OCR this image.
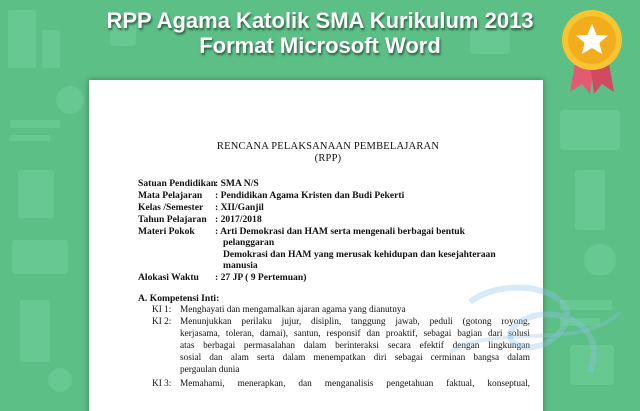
RPP Agama Katolik SMA Kurikulum 2013
Format Microsoft Word
RENCANA PELAKSANAAN PEMBELAJARAN
(RPP)
Satuan Pendidikan
: SMA N/S
Mata Pelajaran : Pendidikan Agama Kristen dan Budi Pekerti
Kelas /Semester : XII/Ganjil
Tahun Pelajaran : 2017/2018
Materi Pokok : Arti Demokrasi dan HAM serta mengenali berbagai bentuk
pelanggaran
Demokrasi dan HAM yang merusak kehidupan dan kesejahteraan
manusia
Alokasi Waktu : 27 JP ( 9 Pertemuan)
A. Kompetensi Inti:
KI 1: Menghayati dan mengamalkan ajaran agama yang dianutnya
KI 2: Menunjukkan perilaku jujur, disiplin, tanggung jawab, peduli (gotong royong,
kerjasama, toleran, damai), santun, responsif dan proaktif, sebagai bagian dari solusi
atas berbagai permasalahan dalam berinteraksi secara efektif dengan lingkungan
sosial dan alam serta dalam menempatkan diri sebagai cerminan bangsa dalam
pergaulan dunia
KI 3: Memahami, menerapkan, dan menganalisis pengetahuan faktual, konseptual,
